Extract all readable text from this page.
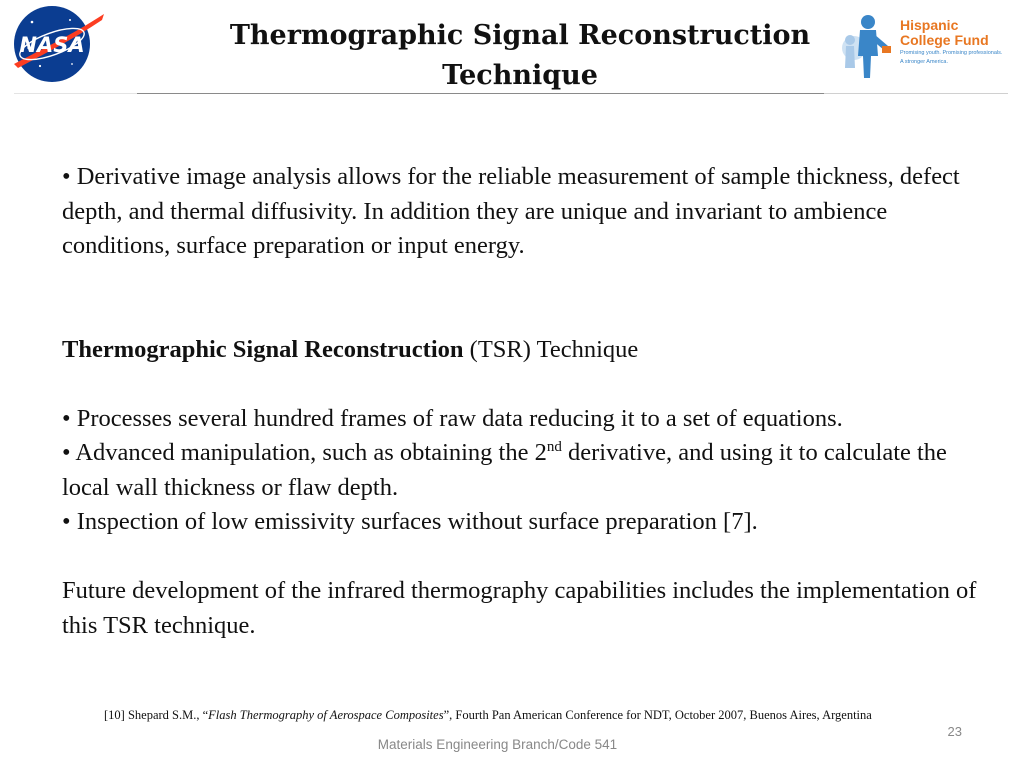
NASA	Thermographic Signal Reconstruction Technique
Hispanic
College Fund
Promising youth. Promising professionals.
A stronger America.

• Derivative image analysis allows for the reliable measurement of sample thickness, defect depth, and thermal diffusivity. In addition they are unique and invariant to ambience conditions, surface preparation or input energy.

Thermographic Signal Reconstruction (TSR) Technique

• Processes several hundred frames of raw data reducing it to a set of equations.

• Advanced manipulation, such as obtaining the 2nd derivative, and using it to calculate the local wall thickness or flaw depth.

• Inspection of low emissivity surfaces without surface preparation [7].

Future development of the infrared thermography capabilities includes the implementation of this TSR technique.

[10] Shepard S.M., “Flash Thermography of Aerospace Composites”, Fourth Pan American Conference for NDT, October 2007, Buenos Aires, Argentina
23
Materials Engineering Branch/Code 541
